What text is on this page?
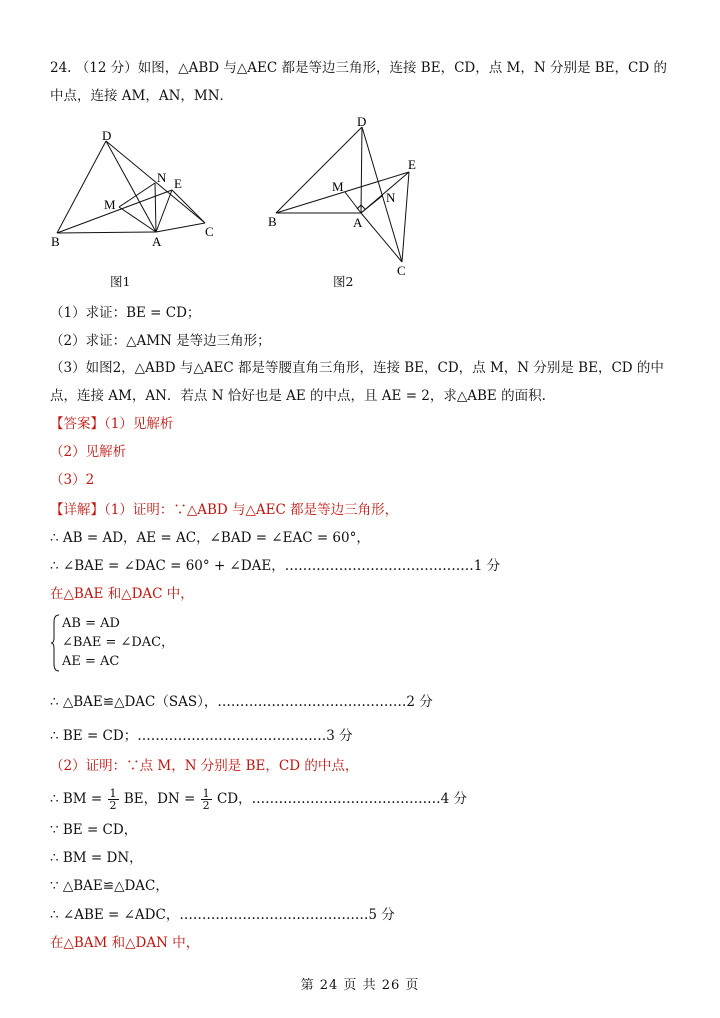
24. （12 分）如图，△ABD 与△AEC 都是等边三角形，连接 BE，CD，点 M，N 分别是 BE，CD 的
中点，连接 AM，AN，MN．
D
N E
M
B	A
C
图1
D
E
M
N
B	A
C
图2
（1）求证：BE = CD；
（2）求证：△AMN 是等边三角形；
（3）如图2，△ABD 与△AEC 都是等腰直角三角形，连接 BE，CD，点 M，N 分别是 BE，CD 的中
点，连接 AM，AN．若点 N 恰好也是 AE 的中点，且 AE = 2，求△ABE 的面积.
【答案】（1）见解析
（2）见解析
（3）2
【详解】（1）证明：∵△ABD 与△AEC 都是等边三角形，
∴ AB = AD，AE = AC，∠BAD = ∠EAC = 60°，
∴ ∠BAE = ∠DAC = 60° + ∠DAE，……………………………………1 分
在△BAE 和△DAC 中，
AB = AD
∠BAE = ∠DAC，
AE = AC
∴ △BAE≌△DAC（SAS），……………………………………2 分
∴ BE = CD；……………………………………3 分
（2）证明：∵点 M，N 分别是 BE，CD 的中点，
∴ BM = $\frac{1}{2}$ BE，DN = $\frac{1}{2}$ CD，……………………………………4 分
∵ BE = CD，
∴ BM = DN，
∵ △BAE≌△DAC，
∴ ∠ABE = ∠ADC，……………………………………5 分
在△BAM 和△DAN 中，
第 24 页 共 26 页
